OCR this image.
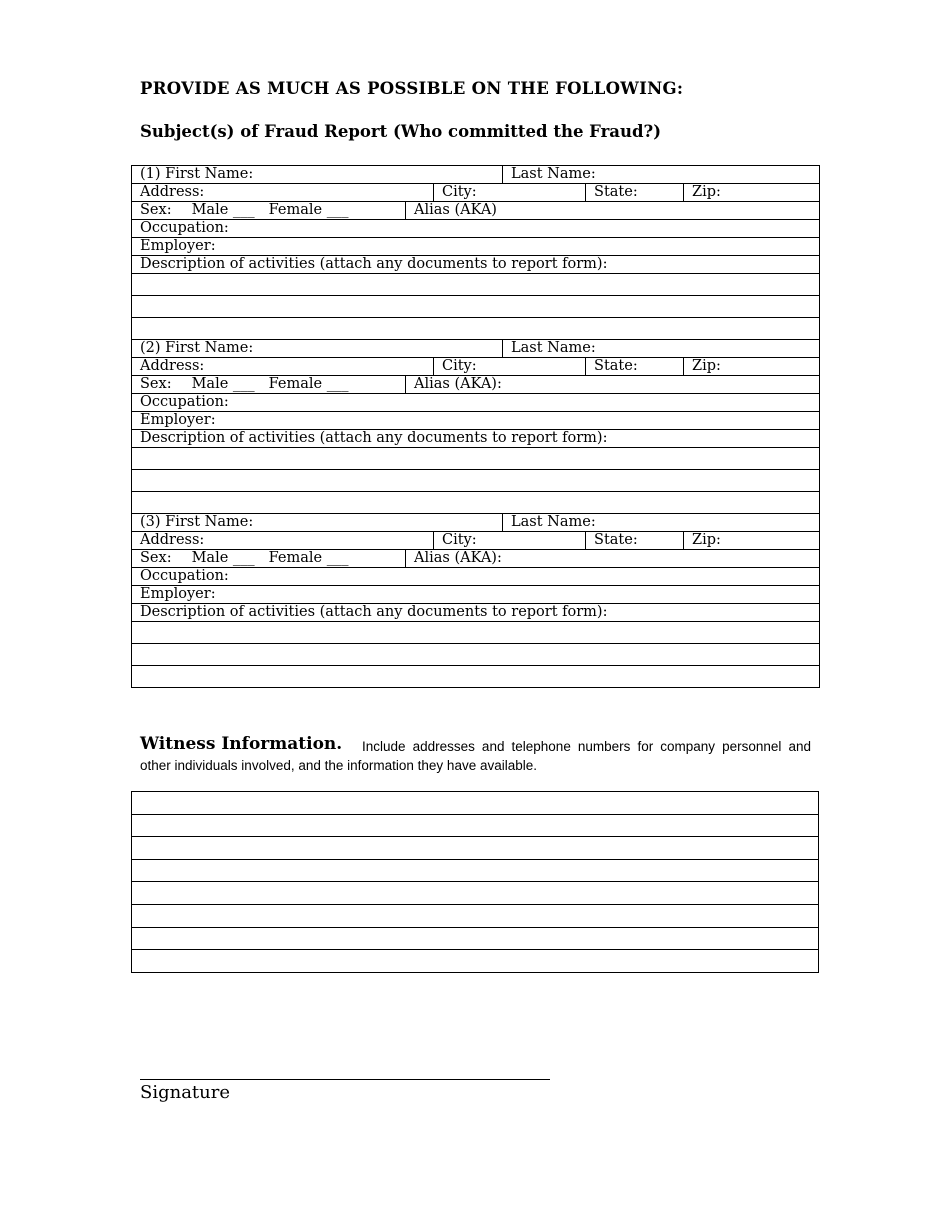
PROVIDE AS MUCH AS POSSIBLE ON THE FOLLOWING:
Subject(s) of Fraud Report (Who committed the Fraud?)
(1) First Name:			Last Name:		
Address:		City:		State:	Zip:
Sex: Male ___ Female ___	Alias (AKA)				
Occupation:					
Employer:					
Description of activities (attach any documents to report form):					

(2) First Name:			Last Name:		
Address:		City:		State:	Zip:
Sex: Male ___ Female ___	Alias (AKA):				
Occupation:					
Employer:					
Description of activities (attach any documents to report form):					

(3) First Name:			Last Name:		
Address:		City:		State:	Zip:
Sex: Male ___ Female ___	Alias (AKA):				
Occupation:					
Employer:					
Description of activities (attach any documents to report form):					

Witness Information.	Include addresses and telephone numbers for company personnel and other individuals involved, and the information they have available.

Signature
